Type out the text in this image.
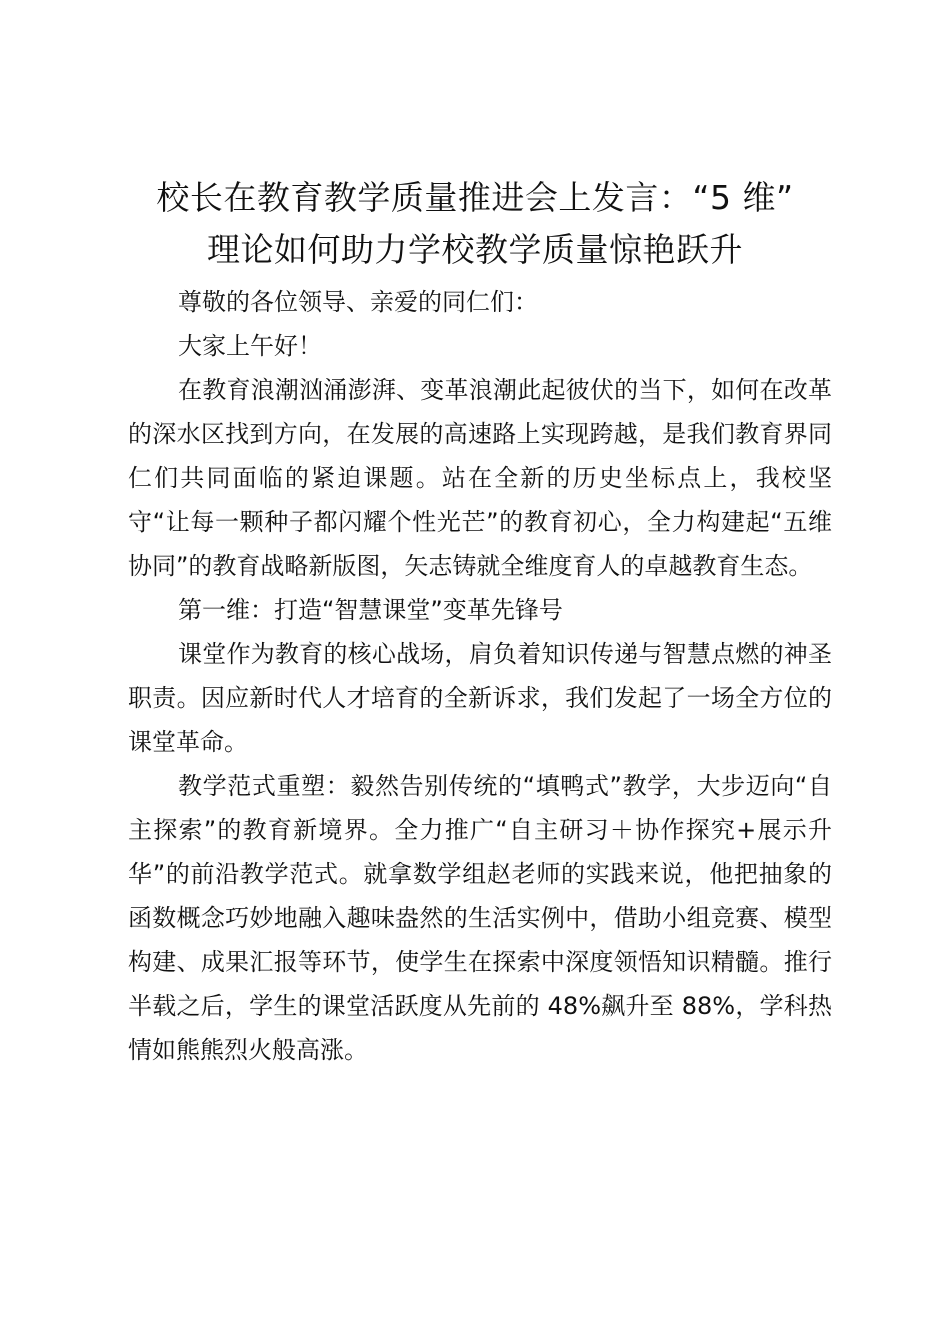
校长在教育教学质量推进会上发言：“5 维”
理论如何助力学校教学质量惊艳跃升

尊敬的各位领导、亲爱的同仁们：

大家上午好！

在教育浪潮汹涌澎湃、变革浪潮此起彼伏的当下，如何在改革的深水区找到方向，在发展的高速路上实现跨越，是我们教育界同仁们共同面临的紧迫课题。站在全新的历史坐标点上，我校坚守“让每一颗种子都闪耀个性光芒”的教育初心，全力构建起“五维协同”的教育战略新版图，矢志铸就全维度育人的卓越教育生态。

第一维：打造“智慧课堂”变革先锋号

课堂作为教育的核心战场，肩负着知识传递与智慧点燃的神圣职责。因应新时代人才培育的全新诉求，我们发起了一场全方位的课堂革命。

教学范式重塑：毅然告别传统的“填鸭式”教学，大步迈向“自主探索”的教育新境界。全力推广“自主研习＋协作探究+展示升华”的前沿教学范式。就拿数学组赵老师的实践来说，他把抽象的函数概念巧妙地融入趣味盎然的生活实例中，借助小组竞赛、模型构建、成果汇报等环节，使学生在探索中深度领悟知识精髓。推行半载之后，学生的课堂活跃度从先前的 48%飙升至 88%，学科热情如熊熊烈火般高涨。
